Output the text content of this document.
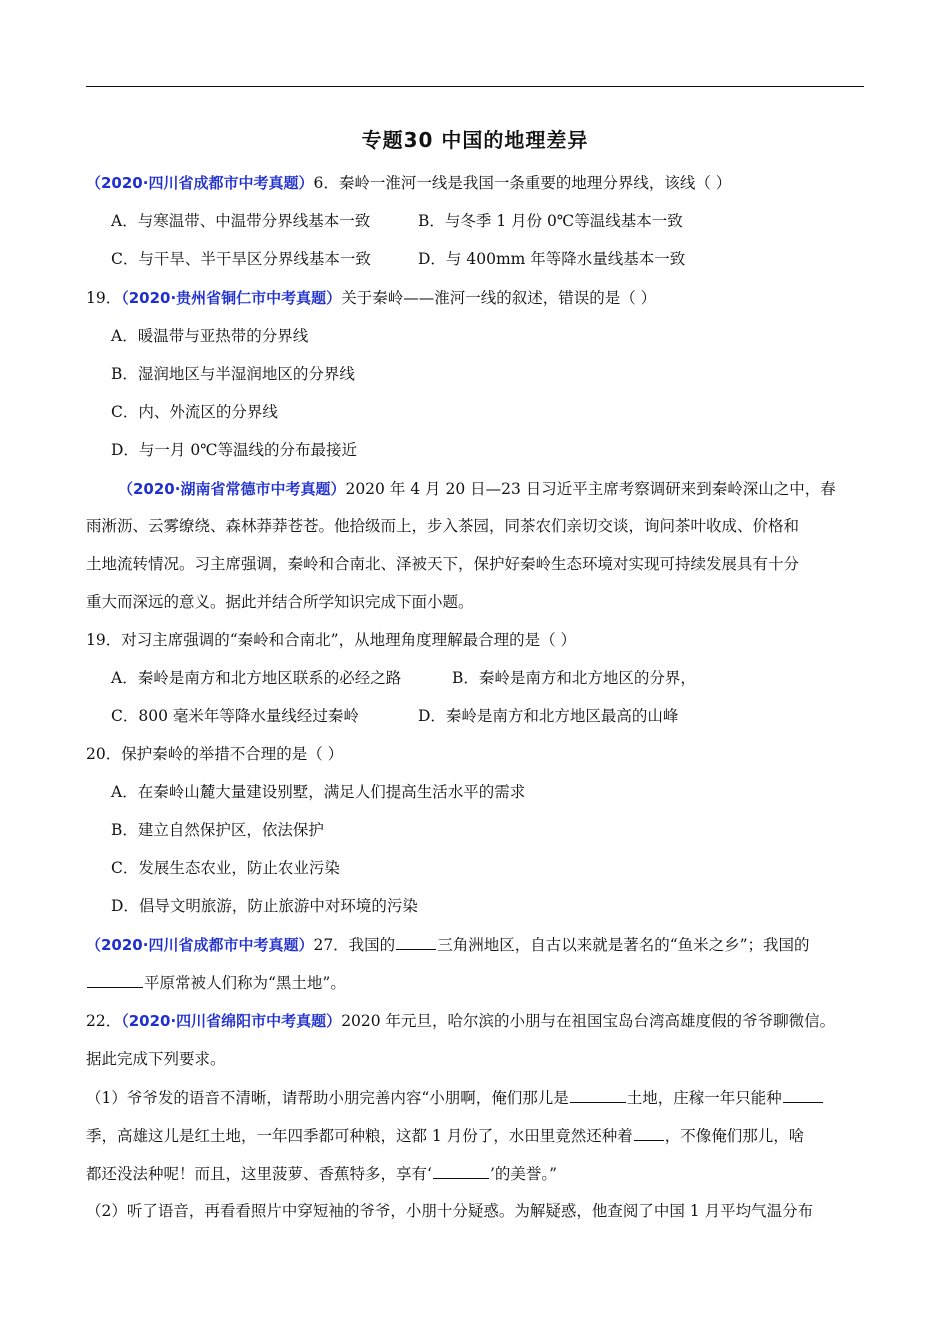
专题30 中国的地理差异
（2020·四川省成都市中考真题）6．秦岭一淮河一线是我国一条重要的地理分界线，该线（ ）
A．与寒温带、中温带分界线基本一致	B．与冬季 1 月份 0℃等温线基本一致
C．与干旱、半干旱区分界线基本一致	D．与 400mm 年等降水量线基本一致
19．（2020·贵州省铜仁市中考真题）关于秦岭——淮河一线的叙述，错误的是（ ）
A．暖温带与亚热带的分界线
B．湿润地区与半湿润地区的分界线
C．内、外流区的分界线
D．与一月 0℃等温线的分布最接近
（2020·湖南省常德市中考真题）2020 年 4 月 20 日—23 日习近平主席考察调研来到秦岭深山之中，春
雨淅沥、云雾缭绕、森林莽莽苍苍。他拾级而上，步入茶园，同茶农们亲切交谈，询问茶叶收成、价格和
土地流转情况。习主席强调，秦岭和合南北、泽被天下，保护好秦岭生态环境对实现可持续发展具有十分
重大而深远的意义。据此并结合所学知识完成下面小题。
19．对习主席强调的“秦岭和合南北”，从地理角度理解最合理的是（ ）
A．秦岭是南方和北方地区联系的必经之路	B．秦岭是南方和北方地区的分界，
C．800 毫米年等降水量线经过秦岭	D．秦岭是南方和北方地区最高的山峰
20．保护秦岭的举措不合理的是（ ）
A．在秦岭山麓大量建设别墅，满足人们提高生活水平的需求
B．建立自然保护区，依法保护
C．发展生态农业，防止农业污染
D．倡导文明旅游，防止旅游中对环境的污染
（2020·四川省成都市中考真题）27．我国的	三角洲地区，自古以来就是著名的“鱼米之乡”；我国的
平原常被人们称为“黑土地”。
22．（2020·四川省绵阳市中考真题）2020 年元旦，哈尔滨的小朋与在祖国宝岛台湾高雄度假的爷爷聊微信。
据此完成下列要求。
（1）爷爷发的语音不清晰，请帮助小朋完善内容“小朋啊，俺们那儿是	土地，庄稼一年只能种
季，高雄这儿是红土地，一年四季都可种粮，这都 1 月份了，水田里竟然还种着 ，不像俺们那儿，啥
都还没法种呢！而且，这里菠萝、香蕉特多，享有‘	’的美誉。”
（2）听了语音，再看看照片中穿短袖的爷爷，小朋十分疑惑。为解疑惑，他查阅了中国 1 月平均气温分布
